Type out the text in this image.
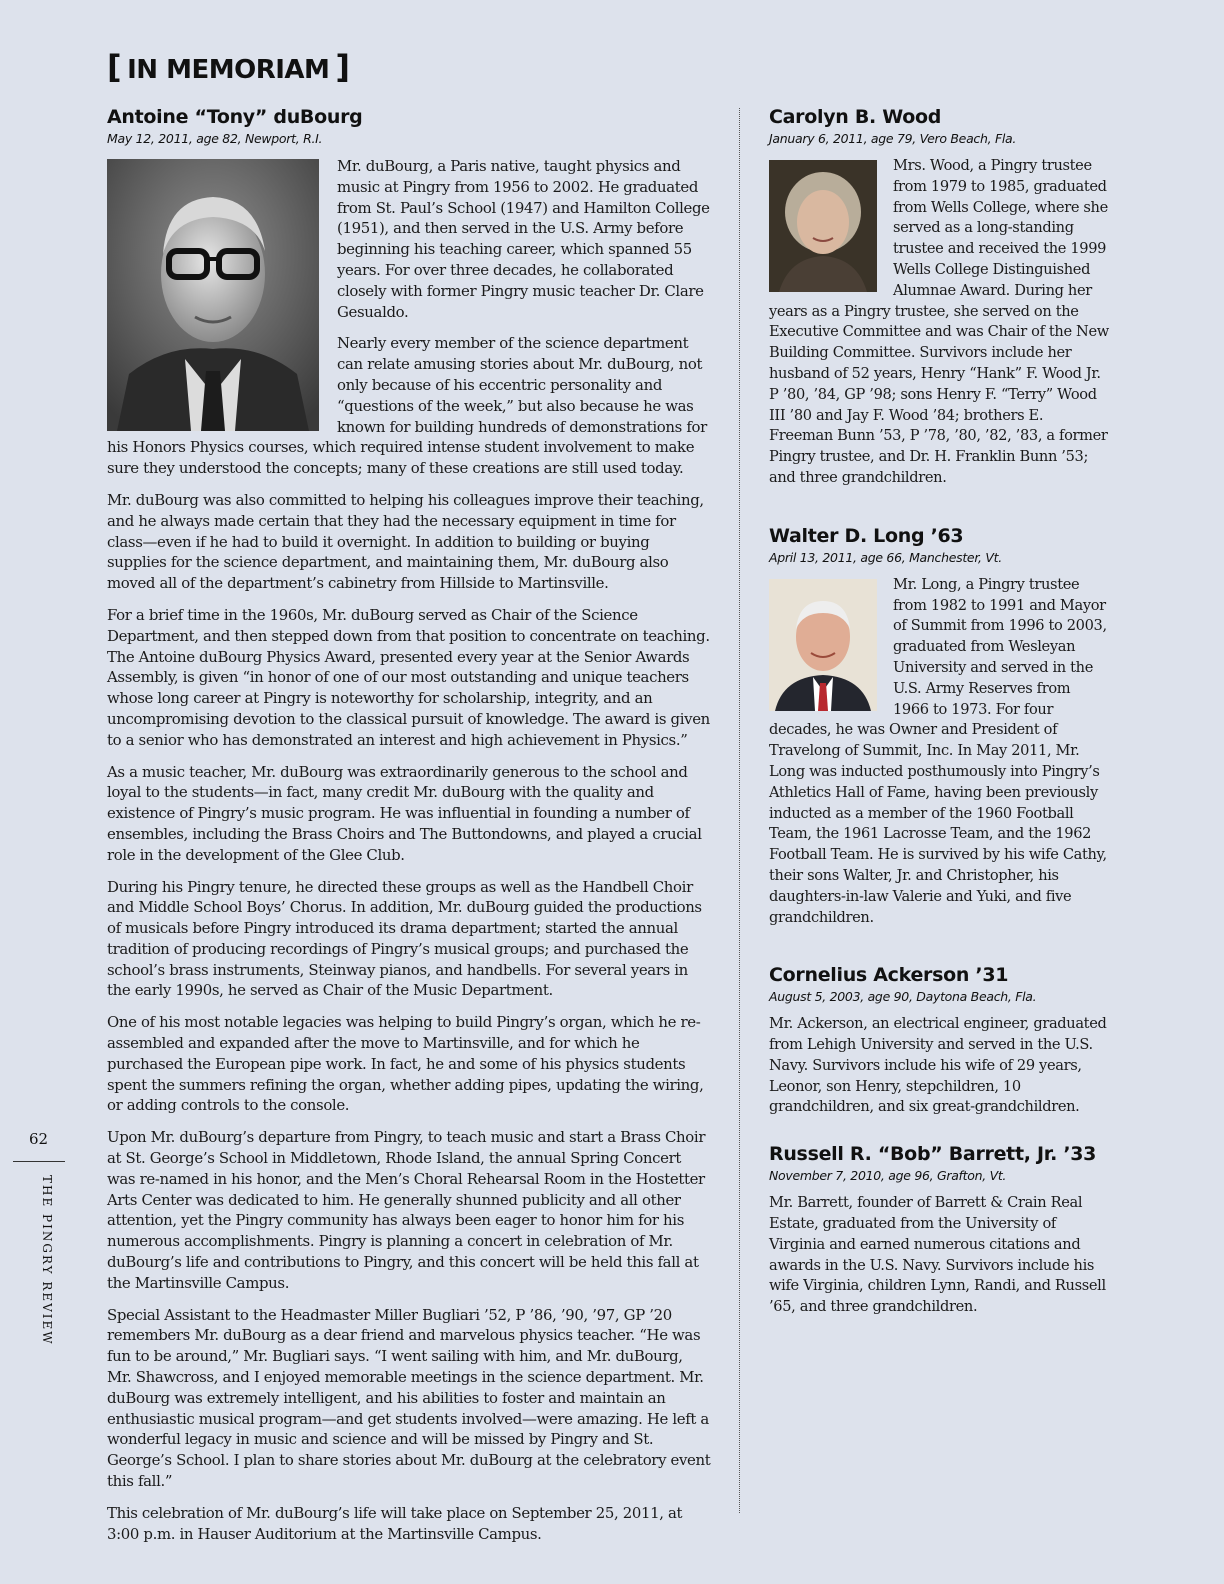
[ IN MEMORIAM ]
Antoine “Tony” duBourg
May 12, 2011, age 82, Newport, R.I.

Mr. duBourg, a Paris native, taught physics and music at Pingry from 1956 to 2002. He graduated from St. Paul’s School (1947) and Hamilton College (1951), and then served in the U.S. Army before beginning his teaching career, which spanned 55 years. For over three decades, he collaborated closely with former Pingry music teacher Dr. Clare Gesualdo.

Nearly every member of the science department can relate amusing stories about Mr. duBourg, not only because of his eccentric personality and “questions of the week,” but also because he was known for building hundreds of demonstrations for his Honors Physics courses, which required intense student involvement to make sure they understood the concepts; many of these creations are still used today.

Mr. duBourg was also committed to helping his colleagues improve their teaching, and he always made certain that they had the necessary equipment in time for class—even if he had to build it overnight. In addition to building or buying supplies for the science department, and maintaining them, Mr. duBourg also moved all of the department’s cabinetry from Hillside to Martinsville.

For a brief time in the 1960s, Mr. duBourg served as Chair of the Science Department, and then stepped down from that position to concentrate on teaching. The Antoine duBourg Physics Award, presented every year at the Senior Awards Assembly, is given “in honor of one of our most outstanding and unique teachers whose long career at Pingry is noteworthy for scholarship, integrity, and an uncompromising devotion to the classical pursuit of knowledge. The award is given to a senior who has demonstrated an interest and high achievement in Physics.”

As a music teacher, Mr. duBourg was extraordinarily generous to the school and loyal to the students—in fact, many credit Mr. duBourg with the quality and existence of Pingry’s music program. He was influential in founding a number of ensembles, including the Brass Choirs and The Buttondowns, and played a crucial role in the development of the Glee Club.

During his Pingry tenure, he directed these groups as well as the Handbell Choir and Middle School Boys’ Chorus. In addition, Mr. duBourg guided the productions of musicals before Pingry introduced its drama department; started the annual tradition of producing recordings of Pingry’s musical groups; and purchased the school’s brass instruments, Steinway pianos, and handbells. For several years in the early 1990s, he served as Chair of the Music Department.

One of his most notable legacies was helping to build Pingry’s organ, which he re-assembled and expanded after the move to Martinsville, and for which he purchased the European pipe work. In fact, he and some of his physics students spent the summers refining the organ, whether adding pipes, updating the wiring, or adding controls to the console.

Upon Mr. duBourg’s departure from Pingry, to teach music and start a Brass Choir at St. George’s School in Middletown, Rhode Island, the annual Spring Concert was re-named in his honor, and the Men’s Choral Rehearsal Room in the Hostetter Arts Center was dedicated to him. He generally shunned publicity and all other attention, yet the Pingry community has always been eager to honor him for his numerous accomplishments. Pingry is planning a concert in celebration of Mr. duBourg’s life and contributions to Pingry, and this concert will be held this fall at the Martinsville Campus.

Special Assistant to the Headmaster Miller Bugliari ’52, P ’86, ’90, ’97, GP ’20 remembers Mr. duBourg as a dear friend and marvelous physics teacher. “He was fun to be around,” Mr. Bugliari says. “I went sailing with him, and Mr. duBourg, Mr. Shawcross, and I enjoyed memorable meetings in the science department. Mr. duBourg was extremely intelligent, and his abilities to foster and maintain an enthusiastic musical program—and get students involved—were amazing. He left a wonderful legacy in music and science and will be missed by Pingry and St. George’s School. I plan to share stories about Mr. duBourg at the celebratory event this fall.”

This celebration of Mr. duBourg’s life will take place on September 25, 2011, at 3:00 p.m. in Hauser Auditorium at the Martinsville Campus.

Carolyn B. Wood
January 6, 2011, age 79, Vero Beach, Fla.

Mrs. Wood, a Pingry trustee from 1979 to 1985, graduated from Wells College, where she served as a long-standing trustee and received the 1999 Wells College Distinguished Alumnae Award. During her years as a Pingry trustee, she served on the Executive Committee and was Chair of the New Building Committee. Survivors include her husband of 52 years, Henry “Hank” F. Wood Jr. P ’80, ’84, GP ’98; sons Henry F. “Terry” Wood III ’80 and Jay F. Wood ’84; brothers E. Freeman Bunn ’53, P ’78, ’80, ’82, ’83, a former Pingry trustee, and Dr. H. Franklin Bunn ’53; and three grandchildren.

Walter D. Long ’63
April 13, 2011, age 66, Manchester, Vt.

Mr. Long, a Pingry trustee from 1982 to 1991 and Mayor of Summit from 1996 to 2003, graduated from Wesleyan University and served in the U.S. Army Reserves from 1966 to 1973. For four decades, he was Owner and President of Travelong of Summit, Inc. In May 2011, Mr. Long was inducted posthumously into Pingry’s Athletics Hall of Fame, having been previously inducted as a member of the 1960 Football Team, the 1961 Lacrosse Team, and the 1962 Football Team. He is survived by his wife Cathy, their sons Walter, Jr. and Christopher, his daughters-in-law Valerie and Yuki, and five grandchildren.

Cornelius Ackerson ’31
August 5, 2003, age 90, Daytona Beach, Fla.

Mr. Ackerson, an electrical engineer, graduated from Lehigh University and served in the U.S. Navy. Survivors include his wife of 29 years, Leonor, son Henry, stepchildren, 10 grandchildren, and six great-grandchildren.

Russell R. “Bob” Barrett, Jr. ’33
November 7, 2010, age 96, Grafton, Vt.

Mr. Barrett, founder of Barrett & Crain Real Estate, graduated from the University of Virginia and earned numerous citations and awards in the U.S. Navy. Survivors include his wife Virginia, children Lynn, Randi, and Russell ’65, and three grandchildren.

62
THE PINGRY REVIEW
